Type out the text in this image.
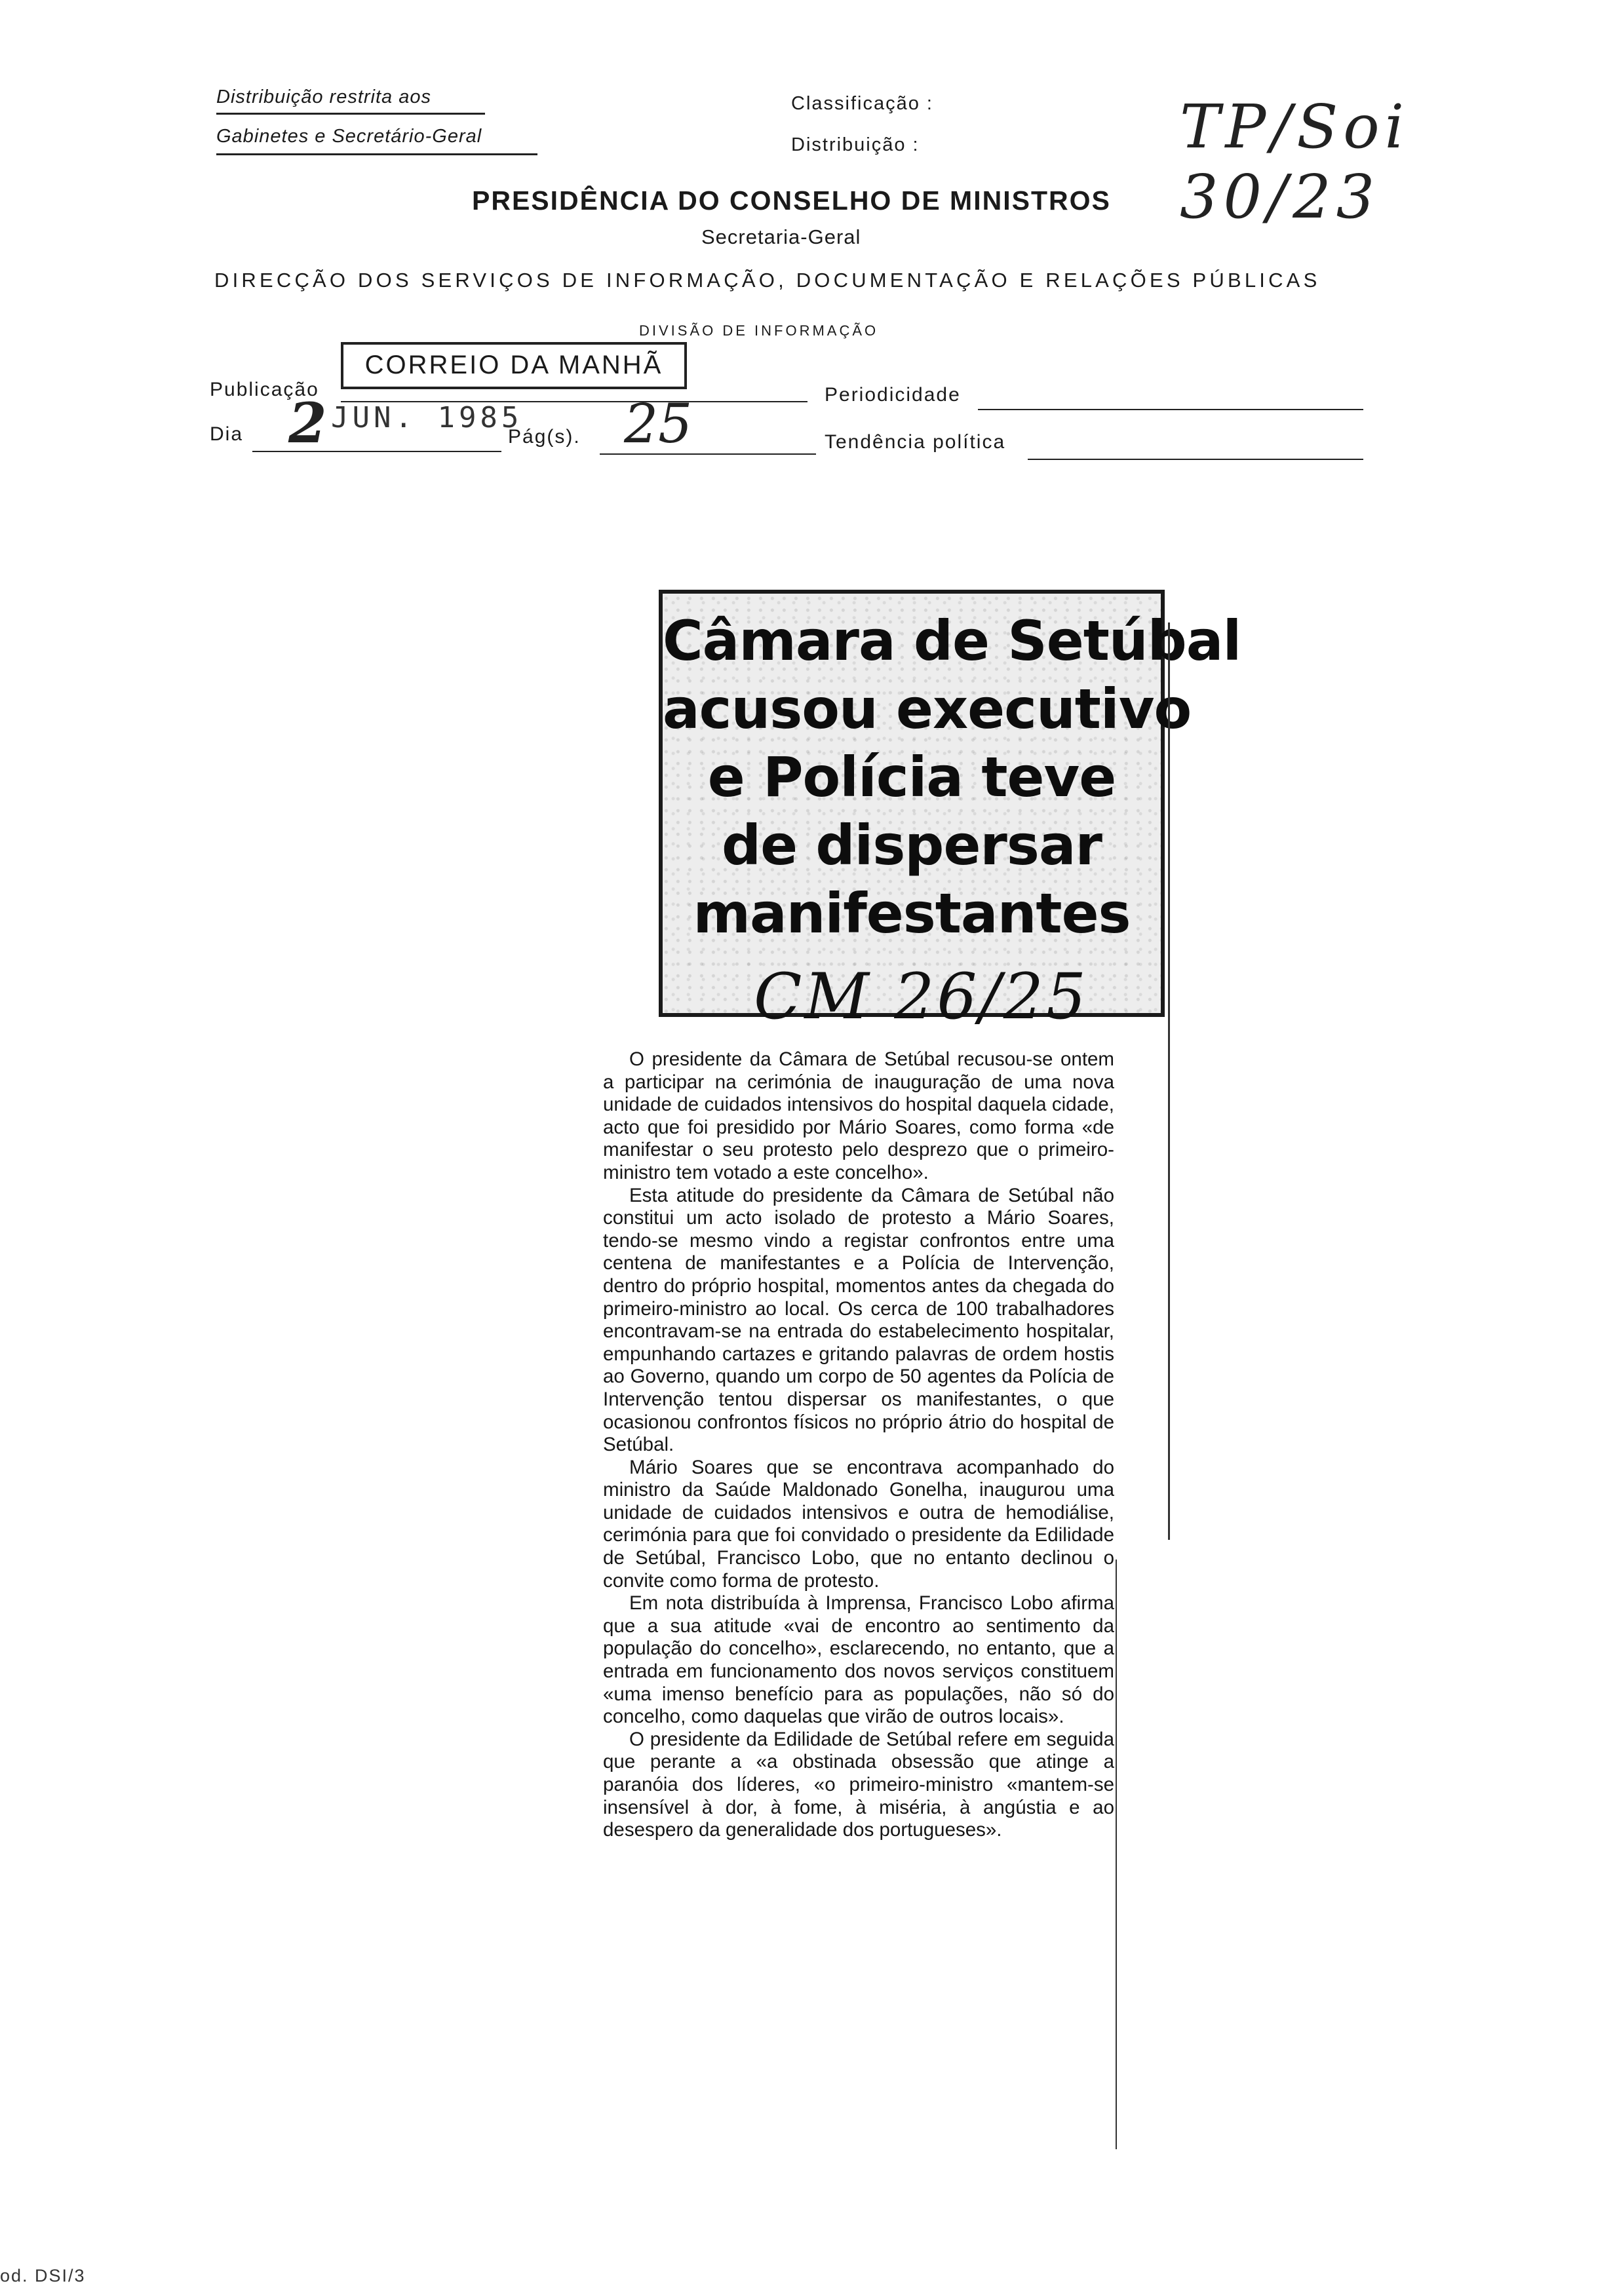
Distribuição restrita aos
Gabinetes e Secretário-Geral
Classificação :
Distribuição :	TP/Soi 30/23
PRESIDÊNCIA DO CONSELHO DE MINISTROS
Secretaria-Geral
DIRECÇÃO DOS SERVIÇOS DE INFORMAÇÃO, DOCUMENTAÇÃO E RELAÇÕES PÚBLICAS
DIVISÃO DE INFORMAÇÃO
Publicação
CORREIO DA MANHÃ
Periodicidade
Dia 2 JUN. 1985
Pág(s). 25	Tendência política
Câmara de Setúbal
acusou executivo
e Polícia teve
de dispersar
manifestantes
CM 26/25

O presidente da Câmara de Setúbal recusou-se ontem a participar na cerimónia de inauguração de uma nova unidade de cuidados intensivos do hospital daquela cidade, acto que foi presidido por Mário Soares, como forma «de manifestar o seu protesto pelo desprezo que o primeiro-ministro tem votado a este concelho».

Esta atitude do presidente da Câmara de Setúbal não constitui um acto isolado de protesto a Mário Soares, tendo-se mesmo vindo a registar confrontos entre uma centena de manifestantes e a Polícia de Intervenção, dentro do próprio hospital, momentos antes da chegada do primeiro-ministro ao local. Os cerca de 100 trabalhadores encontravam-se na entrada do estabelecimento hospitalar, empunhando cartazes e gritando palavras de ordem hostis ao Governo, quando um corpo de 50 agentes da Polícia de Intervenção tentou dispersar os manifestantes, o que ocasionou confrontos físicos no próprio átrio do hospital de Setúbal.

Mário Soares que se encontrava acompanhado do ministro da Saúde Maldonado Gonelha, inaugurou uma unidade de cuidados intensivos e outra de hemodiálise, cerimónia para que foi convidado o presidente da Edilidade de Setúbal, Francisco Lobo, que no entanto declinou o convite como forma de protesto.

Em nota distribuída à Imprensa, Francisco Lobo afirma que a sua atitude «vai de encontro ao sentimento da população do concelho», esclarecendo, no entanto, que a entrada em funcionamento dos novos serviços constituem «uma imenso benefício para as populações, não só do concelho, como daquelas que virão de outros locais».

O presidente da Edilidade de Setúbal refere em seguida que perante a «a obstinada obsessão que atinge a paranóia dos líderes, «o primeiro-ministro «mantem-se insensível à dor, à fome, à miséria, à angústia e ao desespero da generalidade dos portugueses».

od. DSI/3
